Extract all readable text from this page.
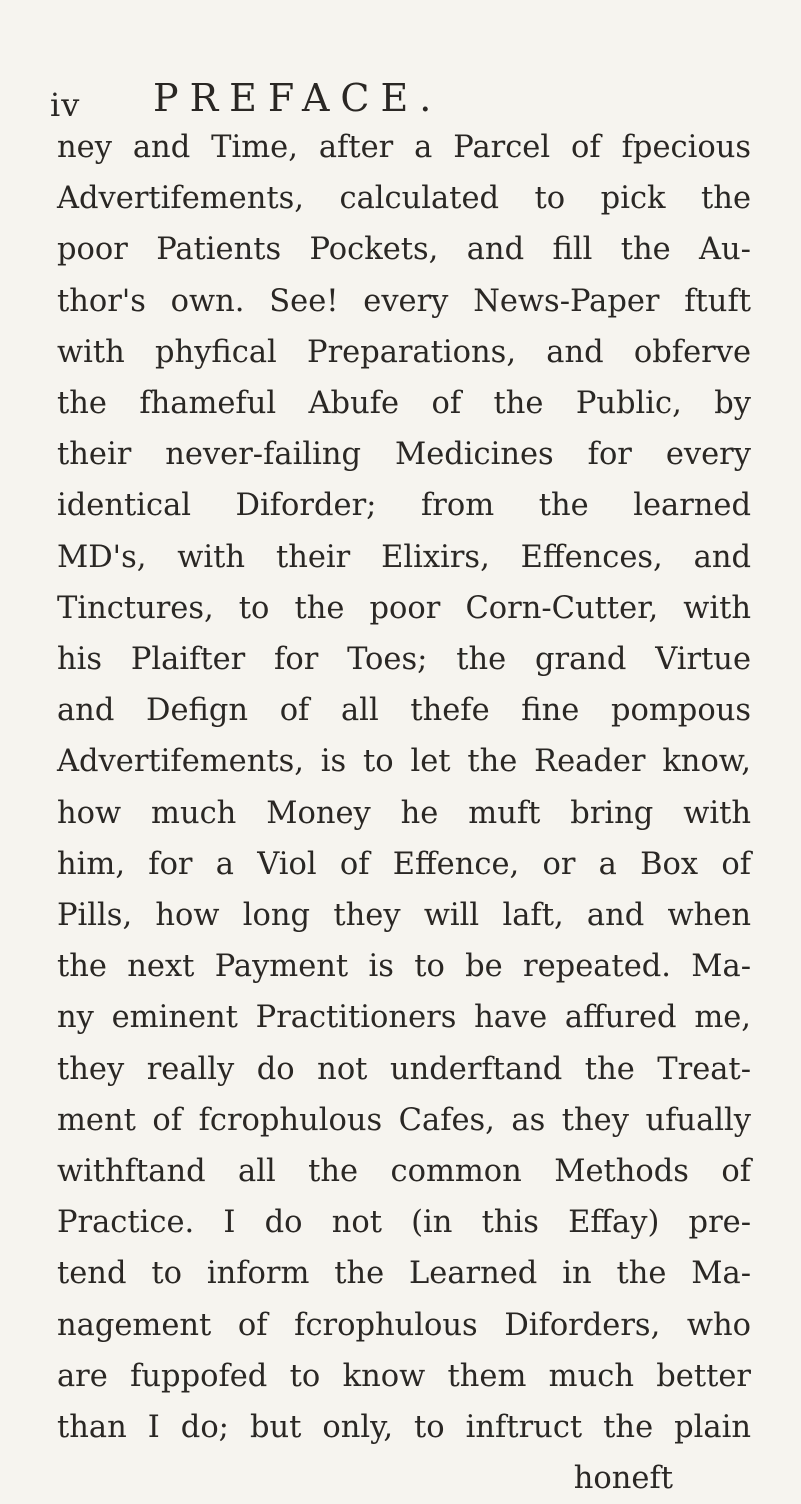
iv PREFACE.
ney and Time, after a Parcel of fpecious
Advertifements, calculated to pick the
poor Patients Pockets, and fill the Au-
thor's own. See! every News-Paper ftuft
with phyfical Preparations, and obferve
the fhameful Abufe of the Public, by
their never-failing Medicines for every
identical Diforder; from the learned
MD's, with their Elixirs, Effences, and
Tinctures, to the poor Corn-Cutter, with
his Plaifter for Toes; the grand Virtue
and Defign of all thefe fine pompous
Advertifements, is to let the Reader know,
how much Money he muft bring with
him, for a Viol of Effence, or a Box of
Pills, how long they will laft, and when
the next Payment is to be repeated. Ma-
ny eminent Practitioners have affured me,
they really do not underftand the Treat-
ment of fcrophulous Cafes, as they ufually
withftand all the common Methods of
Practice. I do not (in this Effay) pre-
tend to inform the Learned in the Ma-
nagement of fcrophulous Diforders, who
are fuppofed to know them much better
than I do; but only, to inftruct the plain
honeft
